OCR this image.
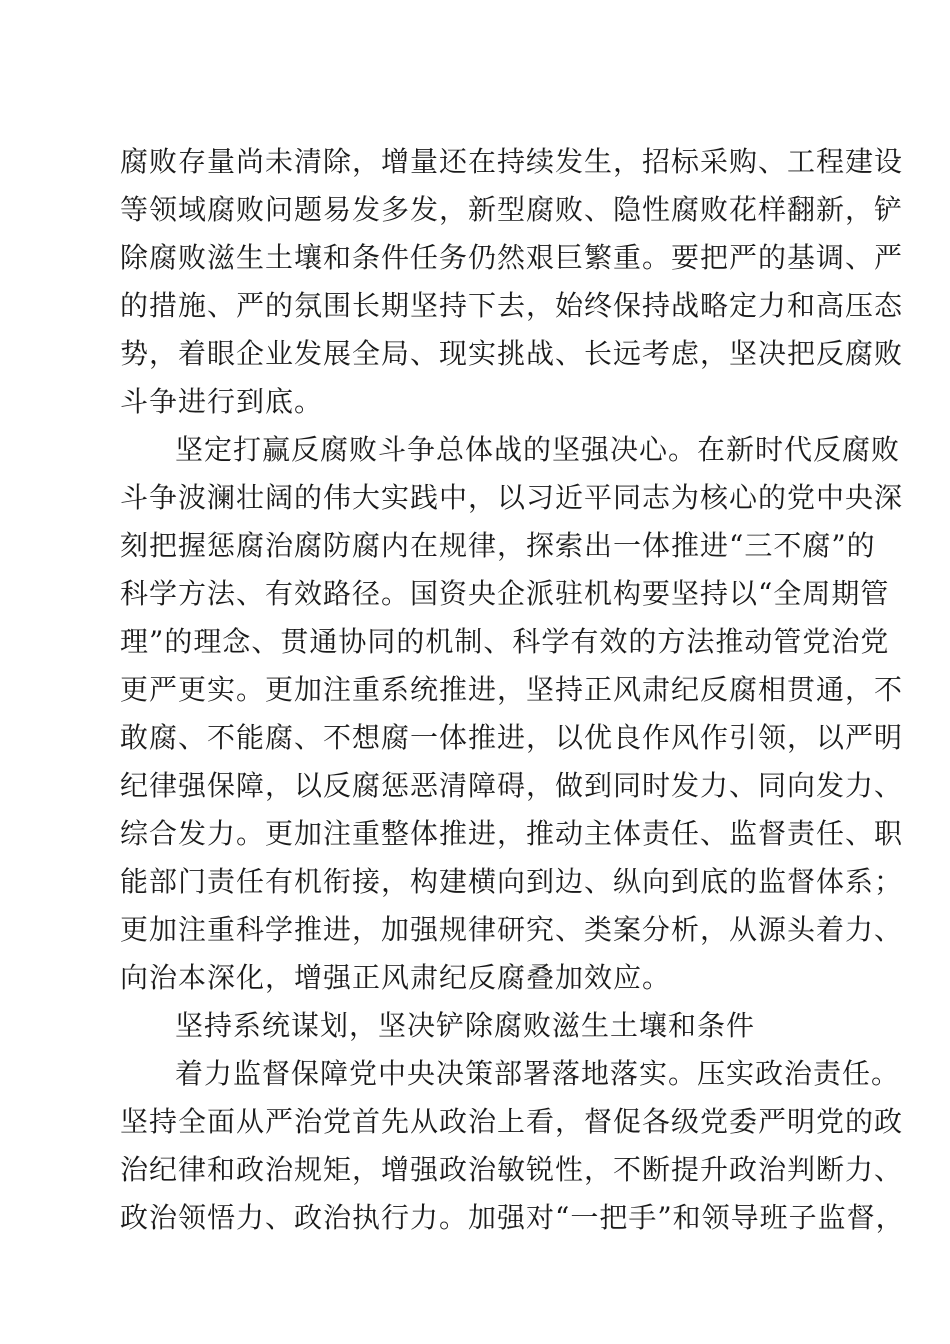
腐败存量尚未清除，增量还在持续发生，招标采购、工程建设
等领域腐败问题易发多发，新型腐败、隐性腐败花样翻新，铲
除腐败滋生土壤和条件任务仍然艰巨繁重。要把严的基调、严
的措施、严的氛围长期坚持下去，始终保持战略定力和高压态
势，着眼企业发展全局、现实挑战、长远考虑，坚决把反腐败
斗争进行到底。
坚定打赢反腐败斗争总体战的坚强决心。在新时代反腐败
斗争波澜壮阔的伟大实践中，以习近平同志为核心的党中央深
刻把握惩腐治腐防腐内在规律，探索出一体推进“三不腐”的
科学方法、有效路径。国资央企派驻机构要坚持以“全周期管
理”的理念、贯通协同的机制、科学有效的方法推动管党治党
更严更实。更加注重系统推进，坚持正风肃纪反腐相贯通，不
敢腐、不能腐、不想腐一体推进，以优良作风作引领，以严明
纪律强保障，以反腐惩恶清障碍，做到同时发力、同向发力、
综合发力。更加注重整体推进，推动主体责任、监督责任、职
能部门责任有机衔接，构建横向到边、纵向到底的监督体系；
更加注重科学推进，加强规律研究、类案分析，从源头着力、
向治本深化，增强正风肃纪反腐叠加效应。
坚持系统谋划，坚决铲除腐败滋生土壤和条件
着力监督保障党中央决策部署落地落实。压实政治责任。
坚持全面从严治党首先从政治上看，督促各级党委严明党的政
治纪律和政治规矩，增强政治敏锐性，不断提升政治判断力、
政治领悟力、政治执行力。加强对“一把手”和领导班子监督，
